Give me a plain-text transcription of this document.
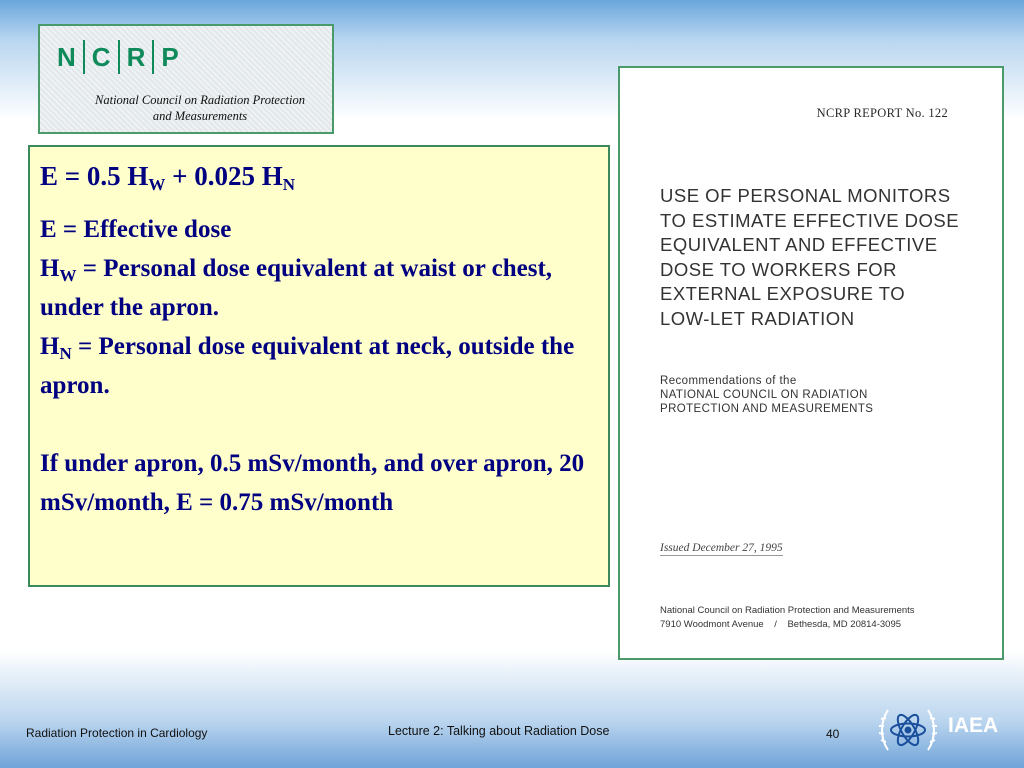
N C R P
National Council on Radiation Protection
and Measurements

E = 0.5 $H_W + 0.025$ $H_N$

E = Effective dose

$H_W$ = Personal dose equivalent at waist or chest, under the apron.

$H_N$ = Personal dose equivalent at neck, outside the apron.

If under apron, 0.5 mSv/month, and over apron, 20 mSv/month, E = 0.75 mSv/month

NCRP REPORT No. 122
USE OF PERSONAL MONITORS
TO ESTIMATE EFFECTIVE DOSE
EQUIVALENT AND EFFECTIVE
DOSE TO WORKERS FOR
EXTERNAL EXPOSURE TO
LOW-LET RADIATION
Recommendations of the
NATIONAL COUNCIL ON RADIATION
PROTECTION AND MEASUREMENTS
Issued December 27, 1995
National Council on Radiation Protection and Measurements
7910 Woodmont Avenue    /    Bethesda, MD 20814-3095
Radiation Protection in Cardiology	Lecture 2: Talking about Radiation Dose	40	IAEA
